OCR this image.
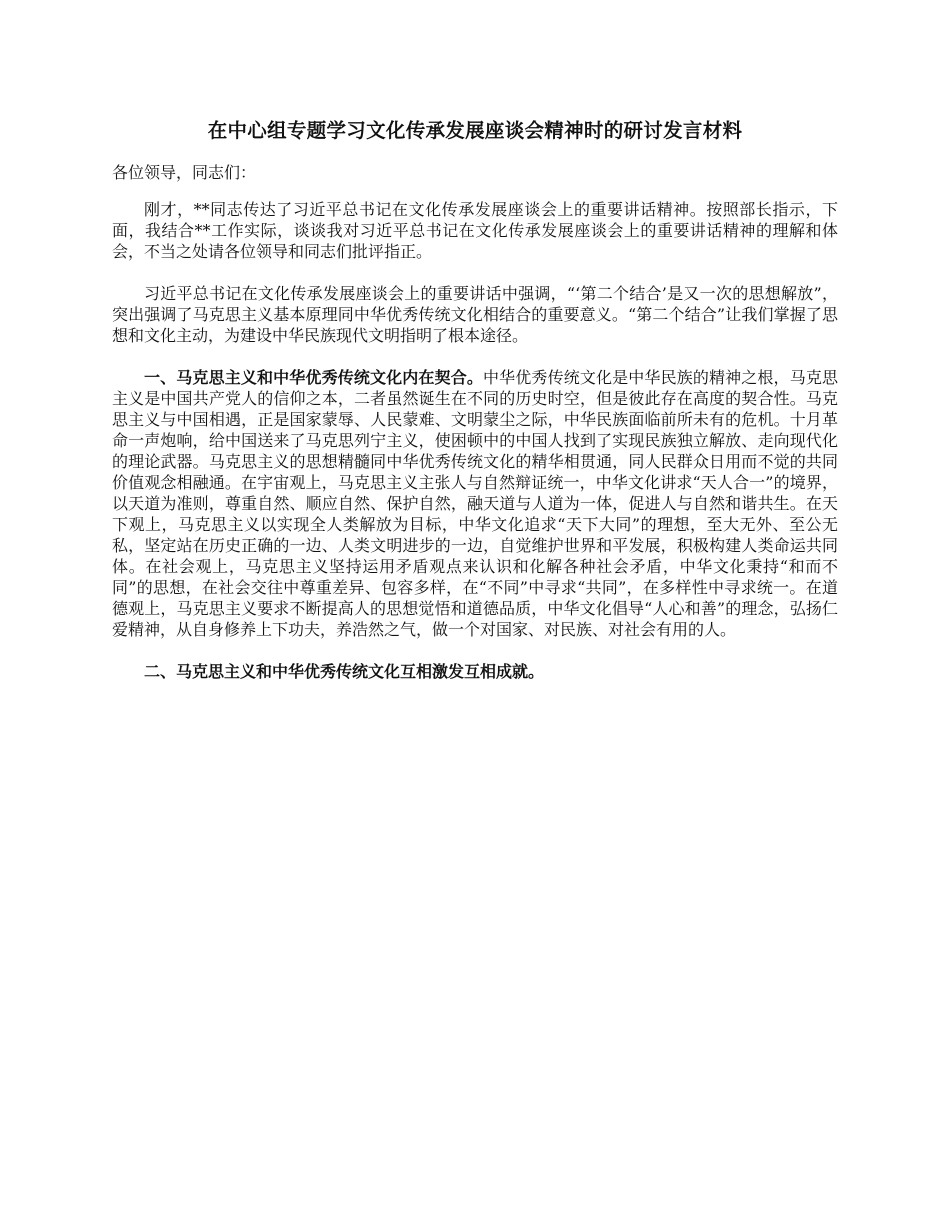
在中心组专题学习文化传承发展座谈会精神时的研讨发言材料
各位领导，同志们：

刚才，**同志传达了习近平总书记在文化传承发展座谈会上的重要讲话精神。按照部长指示，下面，我结合**工作实际，谈谈我对习近平总书记在文化传承发展座谈会上的重要讲话精神的理解和体会，不当之处请各位领导和同志们批评指正。

习近平总书记在文化传承发展座谈会上的重要讲话中强调，“‘第二个结合’是又一次的思想解放”，突出强调了马克思主义基本原理同中华优秀传统文化相结合的重要意义。“第二个结合”让我们掌握了思想和文化主动，为建设中华民族现代文明指明了根本途径。

一、马克思主义和中华优秀传统文化内在契合。中华优秀传统文化是中华民族的精神之根，马克思主义是中国共产党人的信仰之本，二者虽然诞生在不同的历史时空，但是彼此存在高度的契合性。马克思主义与中国相遇，正是国家蒙辱、人民蒙难、文明蒙尘之际，中华民族面临前所未有的危机。十月革命一声炮响，给中国送来了马克思列宁主义，使困顿中的中国人找到了实现民族独立解放、走向现代化的理论武器。马克思主义的思想精髓同中华优秀传统文化的精华相贯通，同人民群众日用而不觉的共同价值观念相融通。在宇宙观上，马克思主义主张人与自然辩证统一，中华文化讲求“天人合一”的境界，以天道为准则，尊重自然、顺应自然、保护自然，融天道与人道为一体，促进人与自然和谐共生。在天下观上，马克思主义以实现全人类解放为目标，中华文化追求“天下大同”的理想，至大无外、至公无私，坚定站在历史正确的一边、人类文明进步的一边，自觉维护世界和平发展，积极构建人类命运共同体。在社会观上，马克思主义坚持运用矛盾观点来认识和化解各种社会矛盾，中华文化秉持“和而不同”的思想，在社会交往中尊重差异、包容多样，在“不同”中寻求“共同”，在多样性中寻求统一。在道德观上，马克思主义要求不断提高人的思想觉悟和道德品质，中华文化倡导“人心和善”的理念，弘扬仁爱精神，从自身修养上下功夫，养浩然之气，做一个对国家、对民族、对社会有用的人。

二、马克思主义和中华优秀传统文化互相激发互相成就。
